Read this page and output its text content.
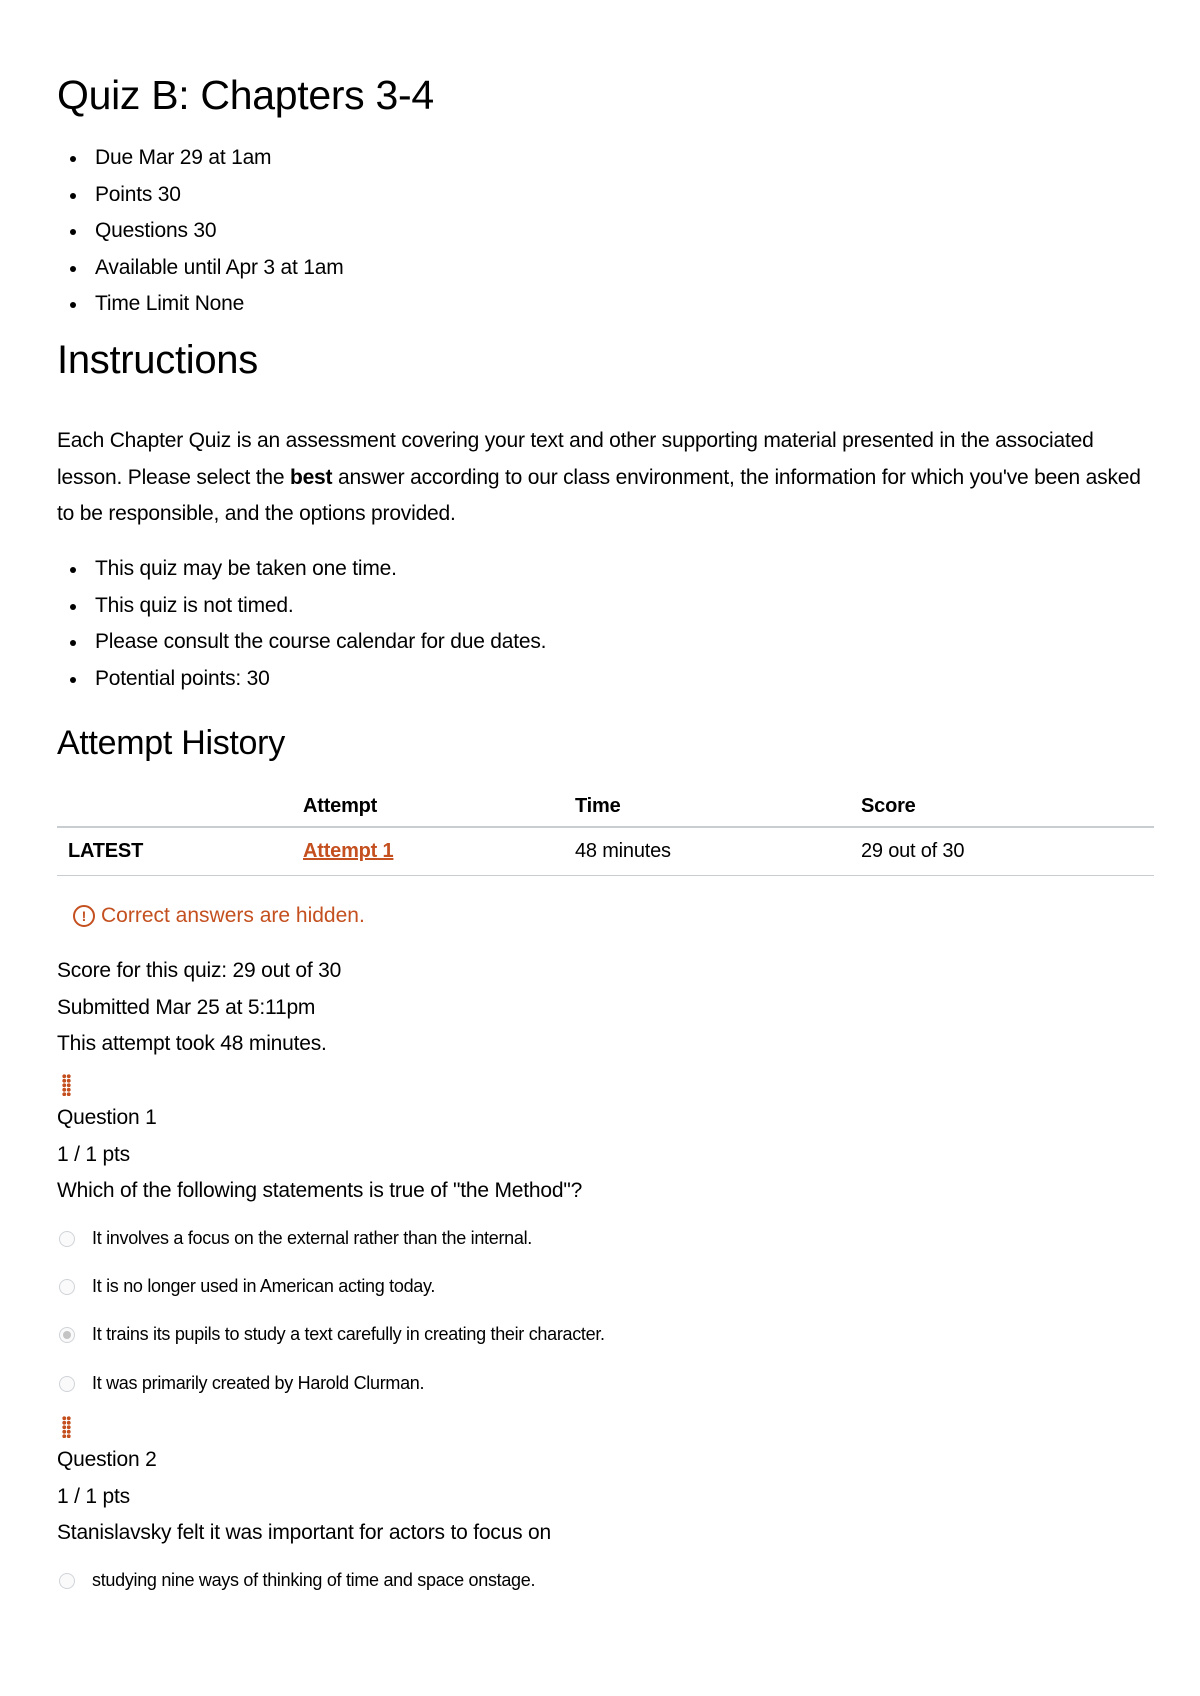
Quiz B: Chapters 3-4
Due Mar 29 at 1am
Points 30
Questions 30
Available until Apr 3 at 1am
Time Limit None
Instructions

Each Chapter Quiz is an assessment covering your text and other supporting material presented in the associated lesson. Please select the best answer according to our class environment, the information for which you've been asked to be responsible, and the options provided.

This quiz may be taken one time.
This quiz is not timed.
Please consult the course calendar for due dates.
Potential points: 30
Attempt History
	Attempt	Time	Score
LATEST	Attempt 1	48 minutes	29 out of 30
! Correct answers are hidden.
Score for this quiz: 29 out of 30
Submitted Mar 25 at 5:11pm
This attempt took 48 minutes.
Question 1
1 / 1 pts
Which of the following statements is true of "the Method"?
It involves a focus on the external rather than the internal.
It is no longer used in American acting today.
It trains its pupils to study a text carefully in creating their character.
It was primarily created by Harold Clurman.
Question 2
1 / 1 pts
Stanislavsky felt it was important for actors to focus on
studying nine ways of thinking of time and space onstage.
